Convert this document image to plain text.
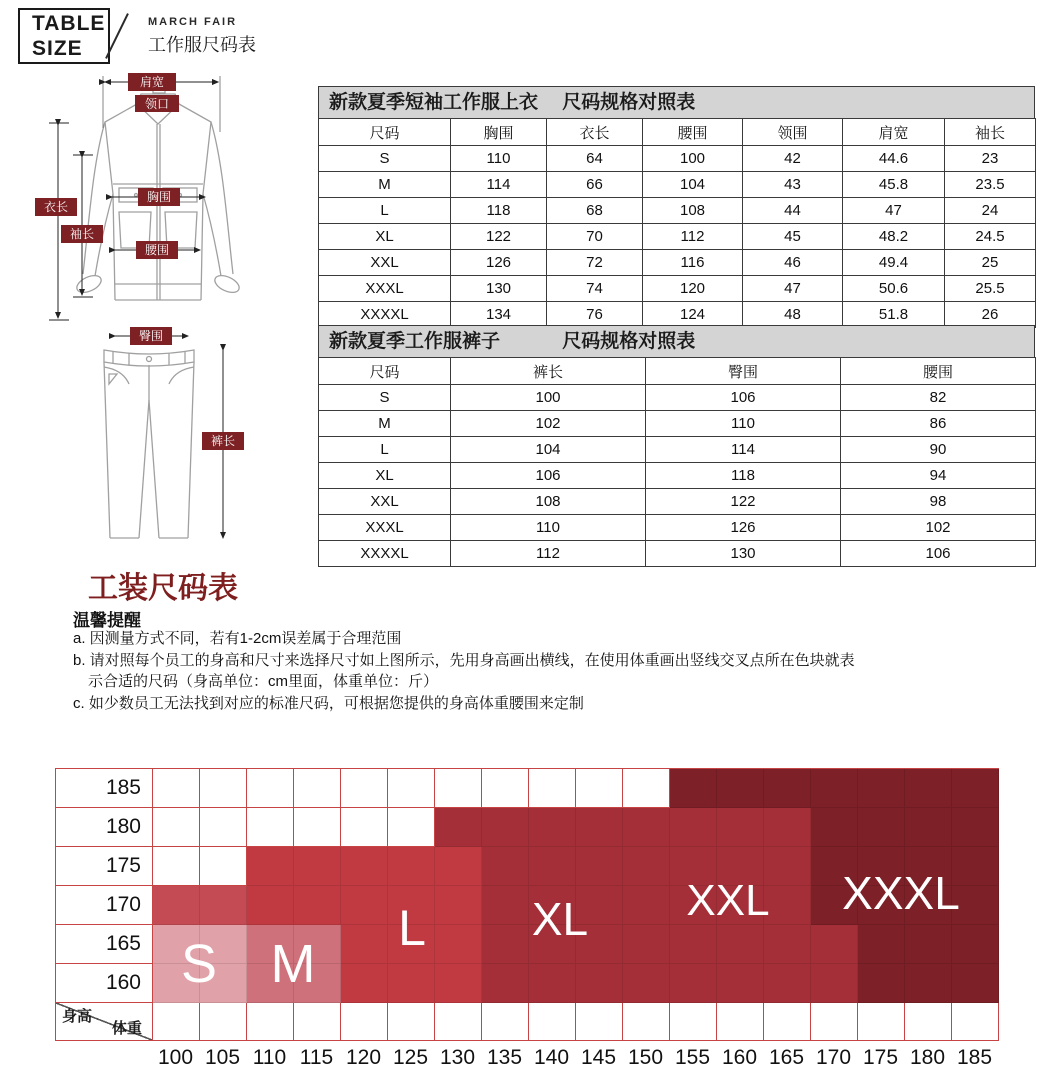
TABLE
SIZE
MARCH FAIR
工作服尺码表
肩宽
领口
衣长
袖长
胸围
腰围
臀围
裤长
新款夏季短袖工作服上衣　 尺码规格对照表
尺码	胸围	衣长	腰围	领围	肩宽	袖长
S	110	64	100	42	44.6	23
M	114	66	104	43	45.8	23.5
L	118	68	108	44	47	24
XL	122	70	112	45	48.2	24.5
XXL	126	72	116	46	49.4	25
XXXL	130	74	120	47	50.6	25.5
XXXXL	134	76	124	48	51.8	26
新款夏季工作服裤子　　　 尺码规格对照表
尺码	裤长	臀围	腰围
S	100	106	82
M	102	110	86
L	104	114	90
XL	106	118	94
XXL	108	122	98
XXXL	110	126	102
XXXXL	112	130	106
工装尺码表
温馨提醒
a. 因测量方式不同，若有1-2cm误差属于合理范围
b. 请对照每个员工的身高和尺寸来选择尺寸如上图所示，先用身高画出横线，在使用体重画出竖线交叉点所在色块就表
示合适的尺码（身高单位：cm里面，体重单位：斤）
c. 如少数员工无法找到对应的标准尺码，可根据您提供的身高体重腰围来定制
185
180
175
170
165
160
身高
体重
S M
L XL XXL XXXL
100 105 110 115 120 125 130 135 140 145 150 155 160 165 170 175 180 185
